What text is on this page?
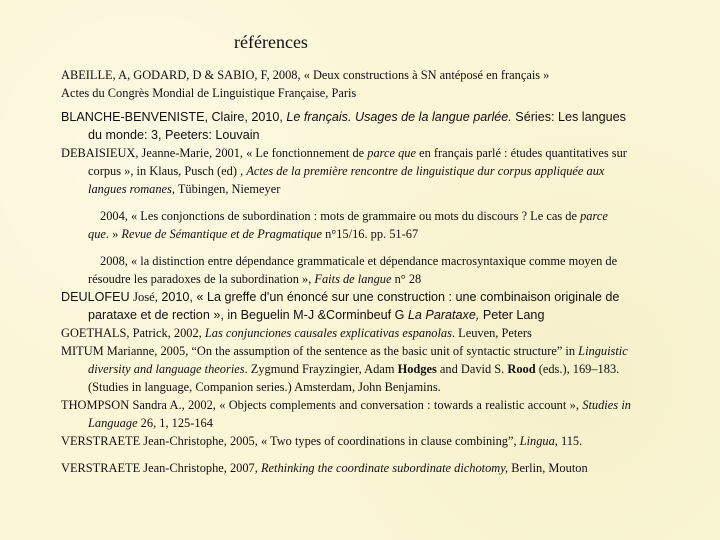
références

ABEILLE, A, GODARD, D & SABIO, F, 2008, « Deux constructions à SN antéposé en français »

Actes du Congrès Mondial de Linguistique Française, Paris

BLANCHE-BENVENISTE, Claire, 2010, Le français. Usages de la langue parlée. Séries: Les langues du monde: 3, Peeters: Louvain

DEBAISIEUX, Jeanne-Marie, 2001, « Le fonctionnement de parce que en français parlé : études quantitatives sur corpus », in Klaus, Pusch (ed) , Actes de la première rencontre de linguistique dur corpus appliquée aux langues romanes, Tübingen, Niemeyer

2004, « Les conjonctions de subordination : mots de grammaire ou mots du discours ? Le cas de parce que. » Revue de Sémantique et de Pragmatique n°15/16. pp. 51-67

2008, « la distinction entre dépendance grammaticale et dépendance macrosyntaxique comme moyen de résoudre les paradoxes de la subordination », Faits de langue n° 28

DEULOFEU José, 2010, « La greffe d'un énoncé sur une construction : une combinaison originale de parataxe et de rection », in Beguelin M-J &Corminbeuf G La Parataxe, Peter Lang

GOETHALS, Patrick, 2002, Las conjunciones causales explicativas espanolas. Leuven, Peters

MITUM Marianne, 2005, “On the assumption of the sentence as the basic unit of syntactic structure” in Linguistic diversity and language theories. Zygmund Frayzingier, Adam Hodges and David S. Rood (eds.), 169–183.(Studies in language, Companion series.) Amsterdam, John Benjamins.

THOMPSON Sandra A., 2002, « Objects complements and conversation : towards a realistic account », Studies in Language 26, 1, 125-164

VERSTRAETE Jean-Christophe, 2005, « Two types of coordinations in clause combining”, Lingua, 115.

VERSTRAETE Jean-Christophe, 2007, Rethinking the coordinate subordinate dichotomy, Berlin, Mouton
